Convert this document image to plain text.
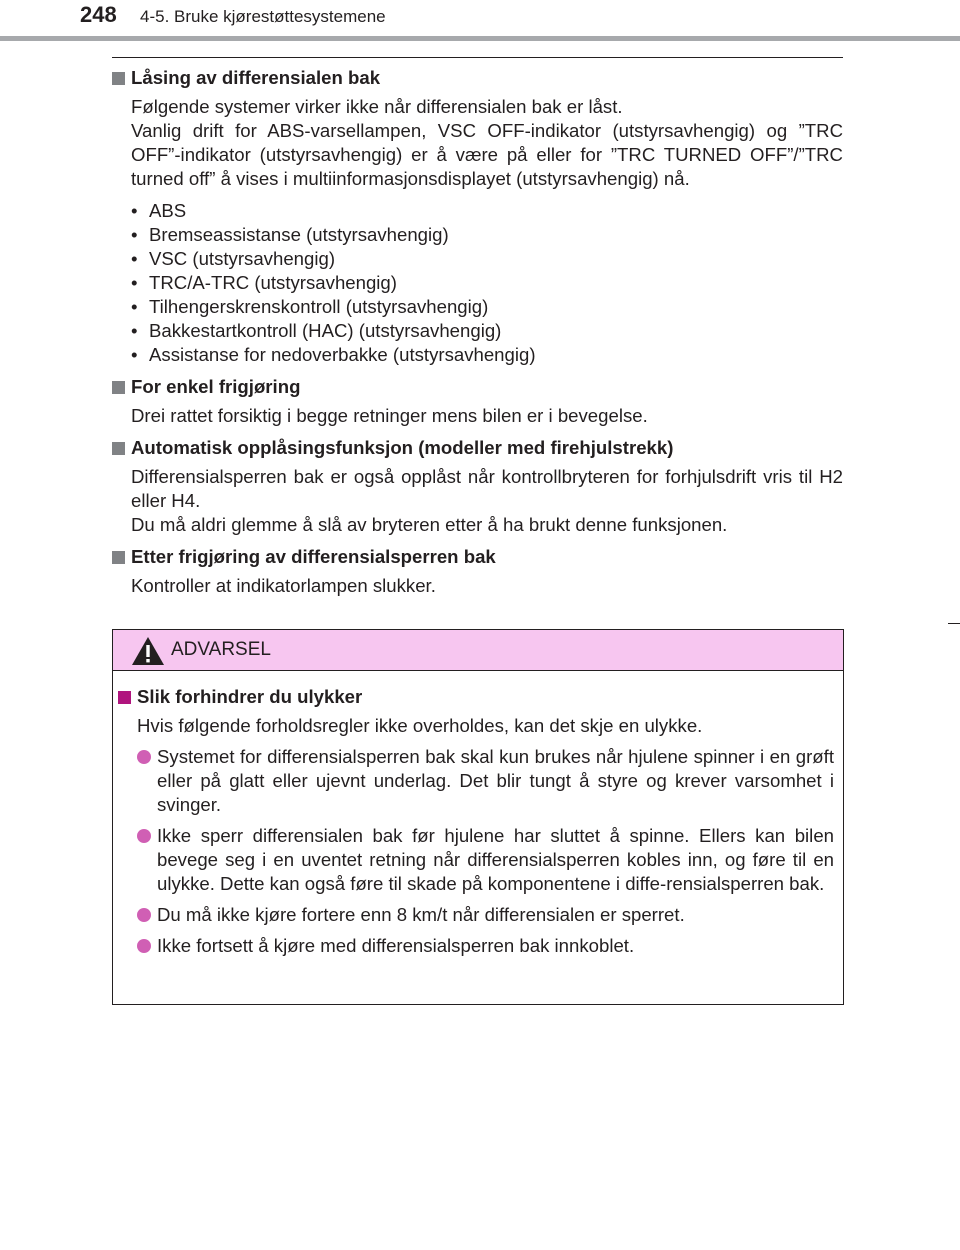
248 4-5. Bruke kjørestøttesystemene
Låsing av differensialen bak
Følgende systemer virker ikke når differensialen bak er låst.
Vanlig drift for ABS-varsellampen, VSC OFF-indikator (utstyrsavhengig) og ”TRC OFF”-indikator (utstyrsavhengig) er å være på eller for ”TRC TURNED OFF”/”TRC turned off” å vises i multiinformasjonsdisplayet (utstyrsavhengig) nå.
• ABS
• Bremseassistanse (utstyrsavhengig)
• VSC (utstyrsavhengig)
• TRC/A-TRC (utstyrsavhengig)
• Tilhengerskrenskontroll (utstyrsavhengig)
• Bakkestartkontroll (HAC) (utstyrsavhengig)
• Assistanse for nedoverbakke (utstyrsavhengig)
For enkel frigjøring
Drei rattet forsiktig i begge retninger mens bilen er i bevegelse.
Automatisk opplåsingsfunksjon (modeller med firehjulstrekk)
Differensialsperren bak er også opplåst når kontrollbryteren for forhjulsdrift vris til H2 eller H4.
Du må aldri glemme å slå av bryteren etter å ha brukt denne funksjonen.
Etter frigjøring av differensialsperren bak
Kontroller at indikatorlampen slukker.
ADVARSEL
Slik forhindrer du ulykker
Hvis følgende forholdsregler ikke overholdes, kan det skje en ulykke.
Systemet for differensialsperren bak skal kun brukes når hjulene spinner i en grøft eller på glatt eller ujevnt underlag. Det blir tungt å styre og krever varsomhet i svinger.
Ikke sperr differensialen bak før hjulene har sluttet å spinne. Ellers kan bilen bevege seg i en uventet retning når differensialsperren kobles inn, og føre til en ulykke. Dette kan også føre til skade på komponentene i diffe-rensialsperren bak.
Du må ikke kjøre fortere enn 8 km/t når differensialen er sperret.
Ikke fortsett å kjøre med differensialsperren bak innkoblet.
